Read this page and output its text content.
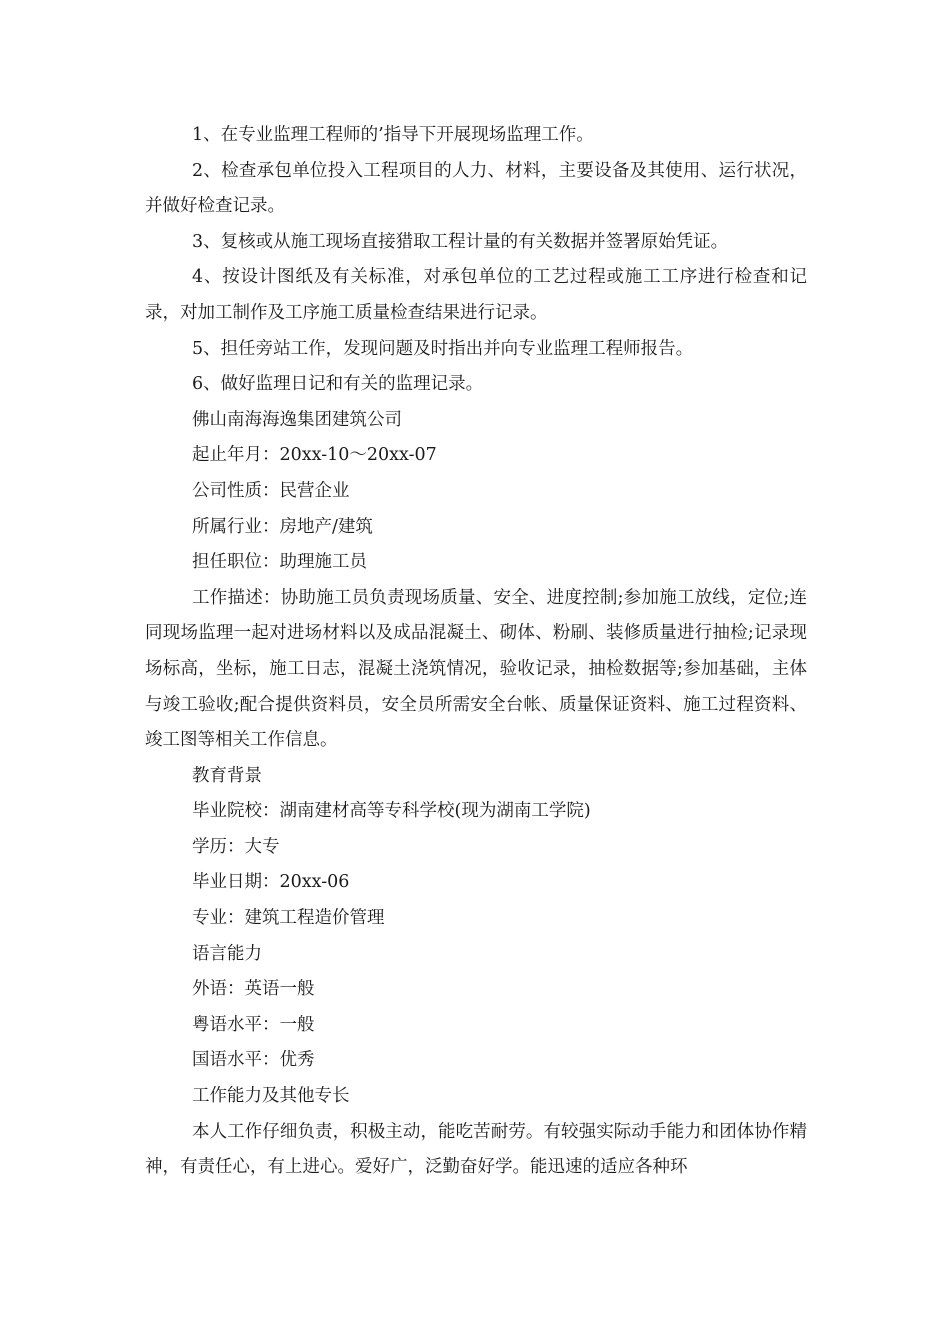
1、在专业监理工程师的’指导下开展现场监理工作。

2、检查承包单位投入工程项目的人力、材料，主要设备及其使用、运行状况，并做好检查记录。

3、复核或从施工现场直接猎取工程计量的有关数据并签署原始凭证。

4、按设计图纸及有关标准，对承包单位的工艺过程或施工工序进行检查和记录，对加工制作及工序施工质量检查结果进行记录。

5、担任旁站工作，发现问题及时指出并向专业监理工程师报告。

6、做好监理日记和有关的监理记录。

佛山南海海逸集团建筑公司

起止年月：20xx-10～20xx-07

公司性质：民营企业

所属行业：房地产/建筑

担任职位：助理施工员

工作描述：协助施工员负责现场质量、安全、进度控制;参加施工放线，定位;连同现场监理一起对进场材料以及成品混凝土、砌体、粉刷、装修质量进行抽检;记录现场标高，坐标，施工日志，混凝土浇筑情况，验收记录，抽检数据等;参加基础，主体与竣工验收;配合提供资料员，安全员所需安全台帐、质量保证资料、施工过程资料、竣工图等相关工作信息。

教育背景

毕业院校：湖南建材高等专科学校(现为湖南工学院)

学历：大专

毕业日期：20xx-06

专业：建筑工程造价管理

语言能力

外语：英语一般

粤语水平：一般

国语水平：优秀

工作能力及其他专长

本人工作仔细负责，积极主动，能吃苦耐劳。有较强实际动手能力和团体协作精神，有责任心，有上进心。爱好广，泛勤奋好学。能迅速的适应各种环
